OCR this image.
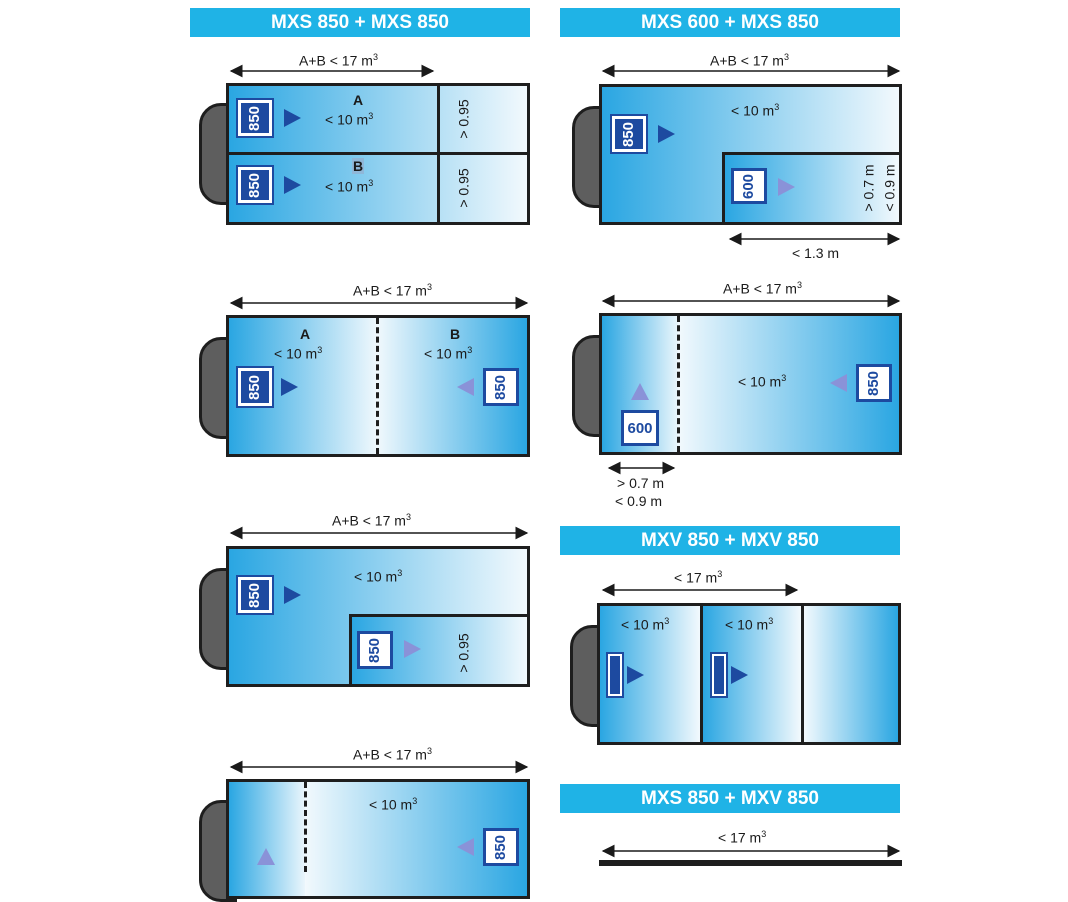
MXS 850 + MXS 850	MXS 600 + MXS 850
MXV 850 + MXV 850
MXS 850 + MXV 850
A+B < 17 $m^3$
A
< 10 $m^3$
B
< 10 $m^3$
850
850
> 0.95
> 0.95
A+B < 17 $m^3$
< 10 $m^3$
850
600	> 0.7 m < 0.9 m
< 1.3 m
A+B < 17 $m^3$
A
< 10 $m^3$
B
< 10 $m^3$
850	850
A+B < 17 $m^3$
< 10 $m^3$	850
600
> 0.7 m
< 0.9 m
A+B < 17 $m^3$
< 10 $m^3$
850
850	> 0.95
< 17 $m^3$
< 10 $m^3$	< 10 $m^3$
A+B < 17 $m^3$
< 10 $m^3$
850	< 17 $m^3$
